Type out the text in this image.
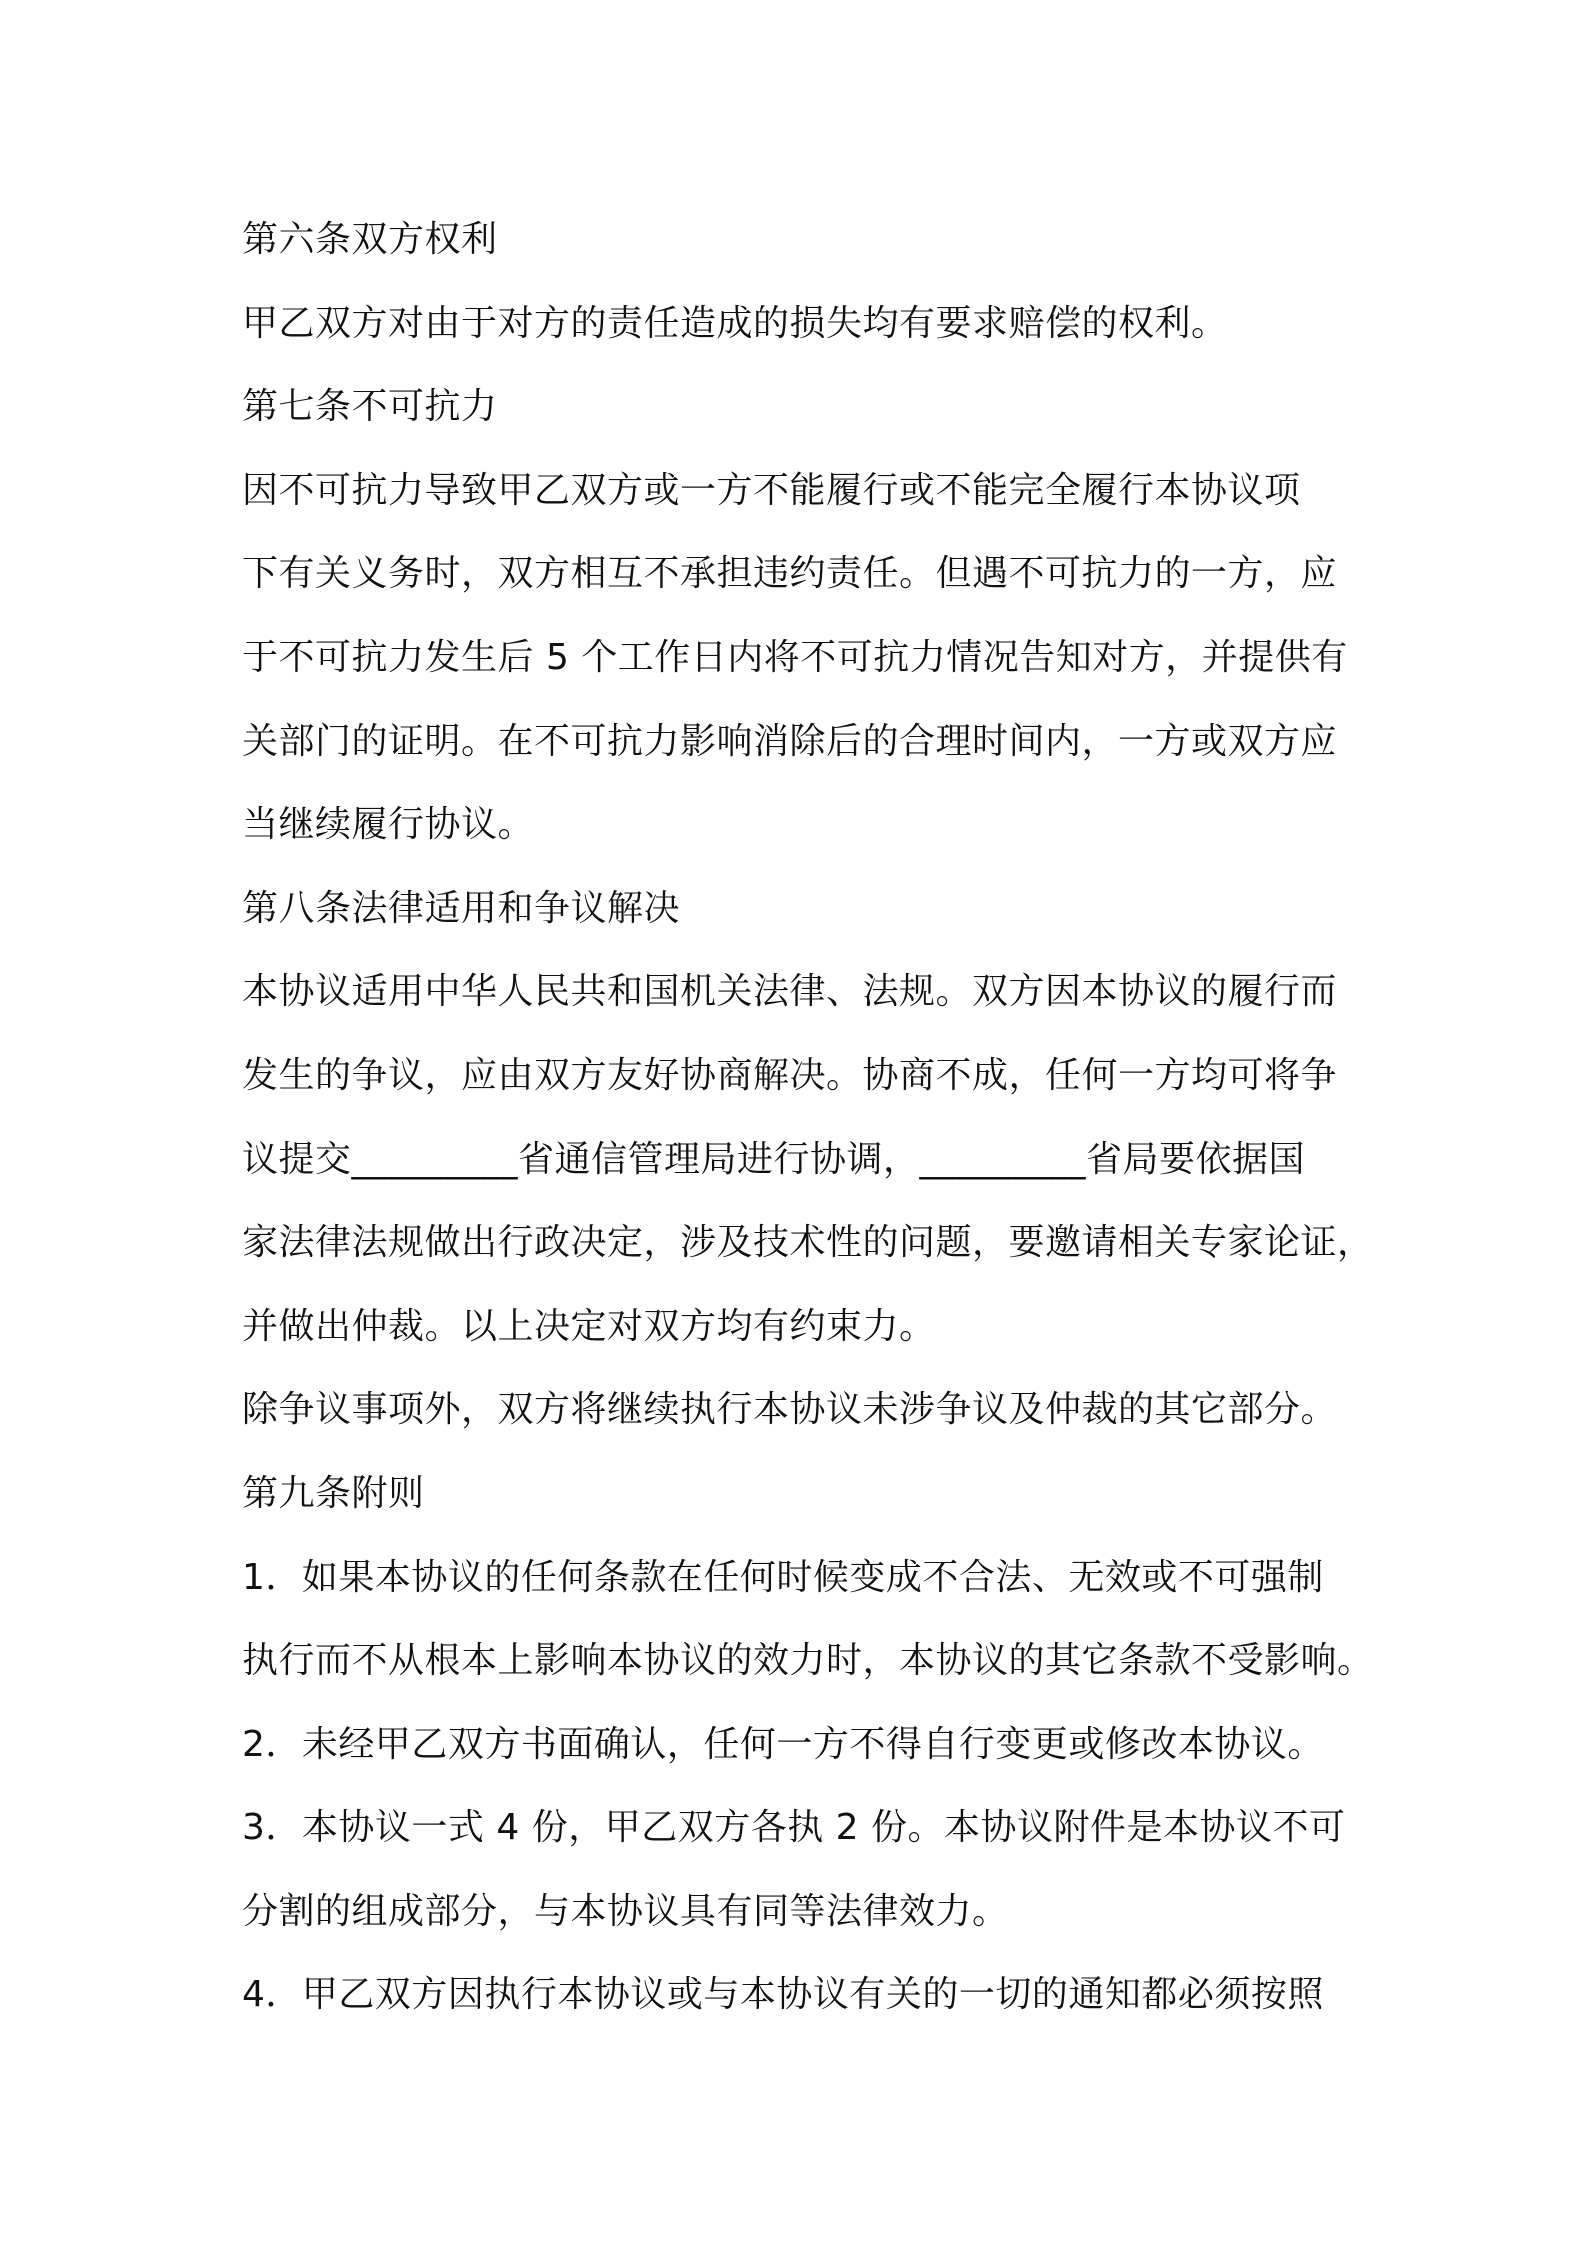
第六条双方权利
甲乙双方对由于对方的责任造成的损失均有要求赔偿的权利。
第七条不可抗力
因不可抗力导致甲乙双方或一方不能履行或不能完全履行本协议项
下有关义务时，双方相互不承担违约责任。但遇不可抗力的一方，应
于不可抗力发生后 5 个工作日内将不可抗力情况告知对方，并提供有
关部门的证明。在不可抗力影响消除后的合理时间内，一方或双方应
当继续履行协议。
第八条法律适用和争议解决
本协议适用中华人民共和国机关法律、法规。双方因本协议的履行而
发生的争议，应由双方友好协商解决。协商不成，任何一方均可将争
议提交_________省通信管理局进行协调，_________省局要依据国
家法律法规做出行政决定，涉及技术性的问题，要邀请相关专家论证，
并做出仲裁。以上决定对双方均有约束力。
除争议事项外，双方将继续执行本协议未涉争议及仲裁的其它部分。
第九条附则
1．如果本协议的任何条款在任何时候变成不合法、无效或不可强制
执行而不从根本上影响本协议的效力时，本协议的其它条款不受影响。
2．未经甲乙双方书面确认，任何一方不得自行变更或修改本协议。
3．本协议一式 4 份，甲乙双方各执 2 份。本协议附件是本协议不可
分割的组成部分，与本协议具有同等法律效力。
4．甲乙双方因执行本协议或与本协议有关的一切的通知都必须按照
